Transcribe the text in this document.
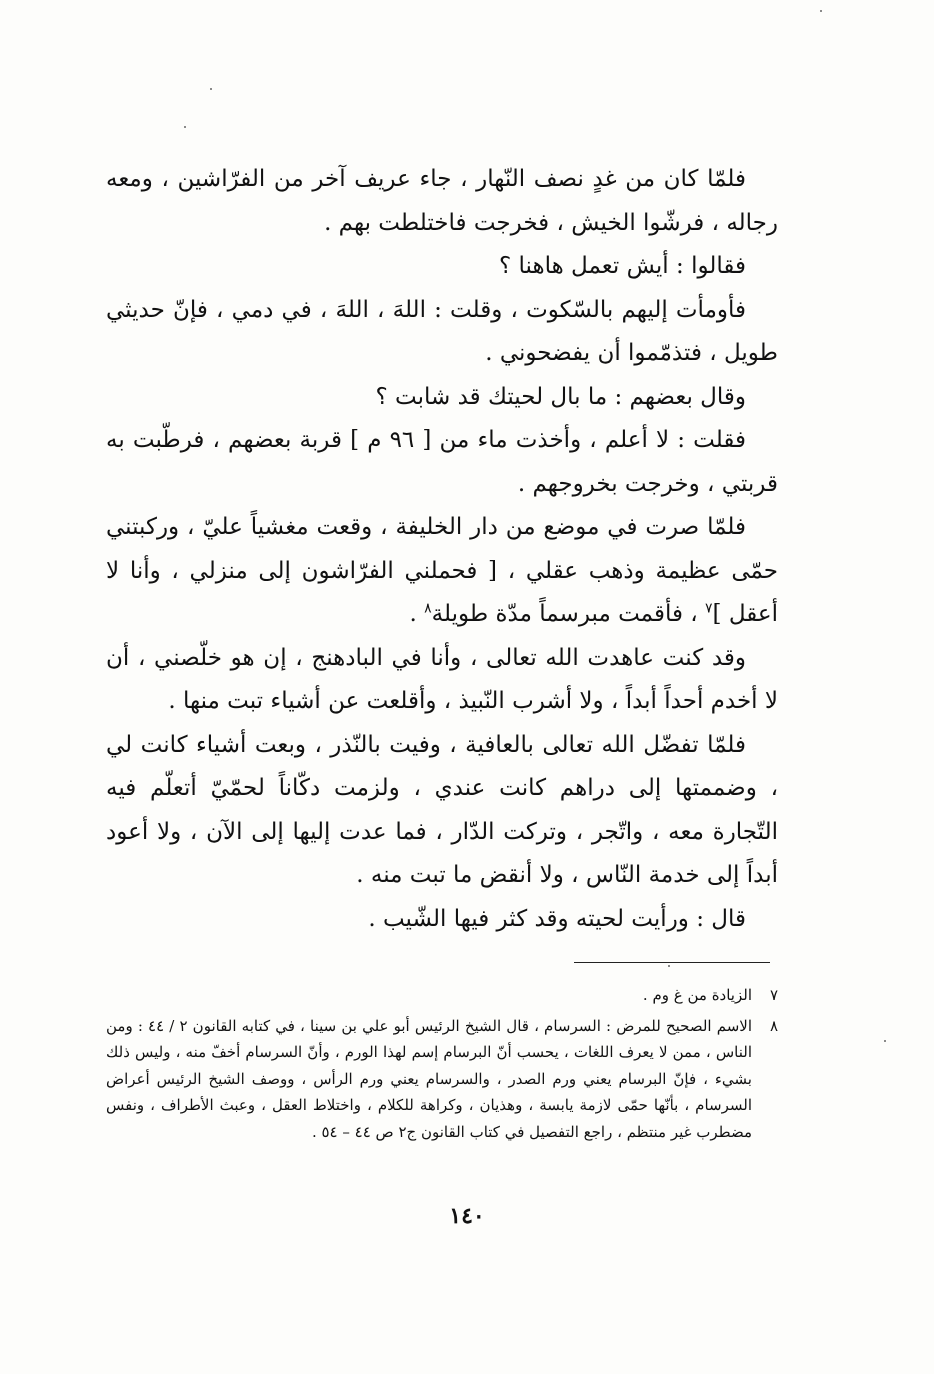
فلمّا كان من غدٍ نصف النّهار ، جاء عريف آخر من الفرّاشين ، ومعه رجاله ، فرشّوا الخيش ، فخرجت فاختلطت بهم .

فقالوا : أيش تعمل هاهنا ؟

فأومأت إليهم بالسّكوت ، وقلت : اللهَ ، اللهَ ، في دمي ، فإنّ حديثي طويل ، فتذمّموا أن يفضحوني .

وقال بعضهم : ما بال لحيتك قد شابت ؟

فقلت : لا أعلم ، وأخذت ماء من [ ٩٦ م ] قربة بعضهم ، فرطّبت به قربتي ، وخرجت بخروجهم .

فلمّا صرت في موضع من دار الخليفة ، وقعت مغشياً عليّ ، وركبتني حمّى عظيمة وذهب عقلي ، [ فحملني الفرّاشون إلى منزلي ، وأنا لا أعقل ]$^٧$ ، فأقمت مبرسماً مدّة طويلة$^٨$ .

وقد كنت عاهدت الله تعالى ، وأنا في البادهنج ، إن هو خلّصني ، أن لا أخدم أحداً أبداً ، ولا أشرب النّبيذ ، وأقلعت عن أشياء تبت منها .

فلمّا تفضّل الله تعالى بالعافية ، وفيت بالنّذر ، وبعت أشياء كانت لي ، وضممتها إلى دراهم كانت عندي ، ولزمت دكّاناً لحمّيّ أتعلّم فيه التّجارة معه ، واتّجر ، وتركت الدّار ، فما عدت إليها إلى الآن ، ولا أعود أبداً إلى خدمة النّاس ، ولا أنقض ما تبت منه .

قال : ورأيت لحيته وقد كثر فيها الشّيب .

٧
الزيادة من غ وم .
٨
الاسم الصحيح للمرض : السرسام ، قال الشيخ الرئيس أبو علي بن سينا ، في كتابه القانون ٢ / ٤٤ : ومن الناس ، ممن لا يعرف اللغات ، يحسب أنّ البرسام إسم لهذا الورم ، وأنّ السرسام أخفّ منه ، وليس ذلك بشيء ، فإنّ البرسام يعني ورم الصدر ، والسرسام يعني ورم الرأس ، ووصف الشيخ الرئيس أعراض السرسام ، بأنّها حمّى لازمة يابسة ، وهذيان ، وكراهة للكلام ، واختلاط العقل ، وعبث الأطراف ، ونفس مضطرب غير منتظم ، راجع التفصيل في كتاب القانون ج٢ ص ٤٤ – ٥٤ .
١٤٠
